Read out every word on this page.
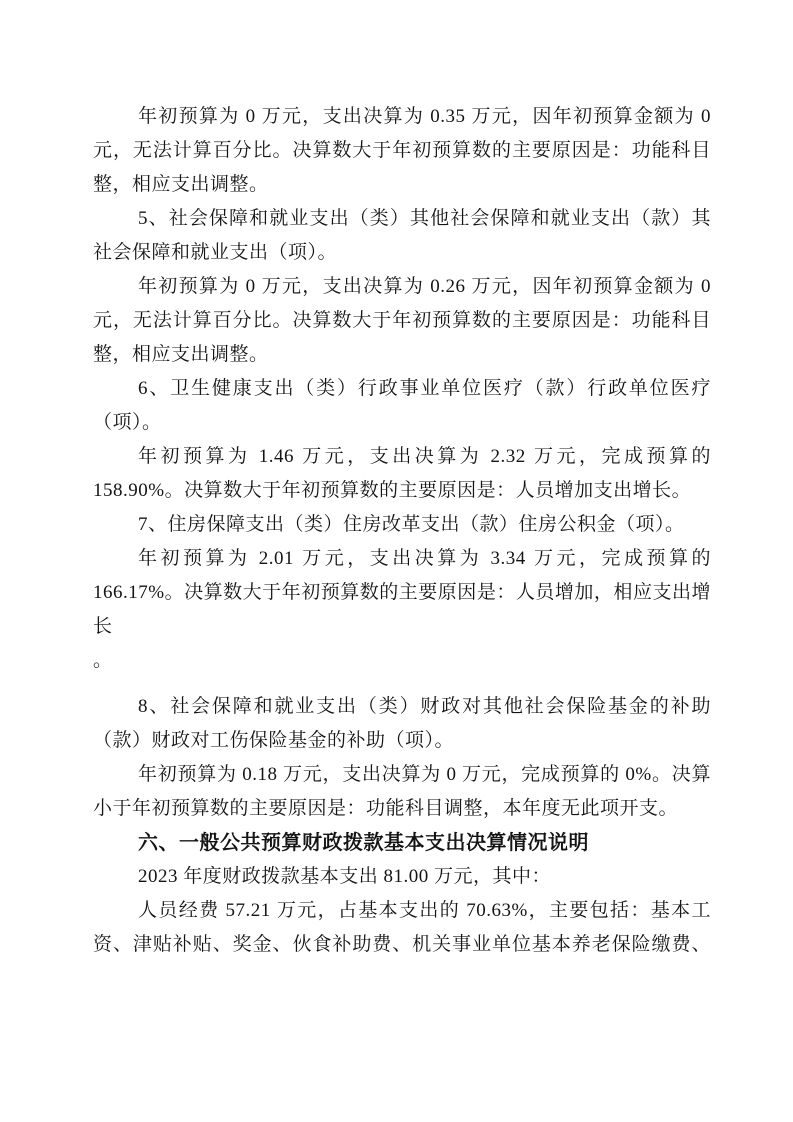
年初预算为 0 万元，支出决算为 0.35 万元，因年初预算金额为 0
元，无法计算百分比。决算数大于年初预算数的主要原因是：功能科目
整，相应支出调整。
5、社会保障和就业支出（类）其他社会保障和就业支出（款）其
社会保障和就业支出（项）。
年初预算为 0 万元，支出决算为 0.26 万元，因年初预算金额为 0
元，无法计算百分比。决算数大于年初预算数的主要原因是：功能科目
整，相应支出调整。
6、卫生健康支出（类）行政事业单位医疗（款）行政单位医疗
（项）。
年初预算为 1.46 万元，支出决算为 2.32 万元，完成预算的
158.90%。决算数大于年初预算数的主要原因是：人员增加支出增长。
7、住房保障支出（类）住房改革支出（款）住房公积金（项）。
年初预算为 2.01 万元，支出决算为 3.34 万元，完成预算的
166.17%。决算数大于年初预算数的主要原因是：人员增加，相应支出增
长
。
8、社会保障和就业支出（类）财政对其他社会保险基金的补助
（款）财政对工伤保险基金的补助（项）。
年初预算为 0.18 万元，支出决算为 0 万元，完成预算的 0%。决算
小于年初预算数的主要原因是：功能科目调整，本年度无此项开支。
六、一般公共预算财政拨款基本支出决算情况说明
2023 年度财政拨款基本支出 81.00 万元，其中：
人员经费 57.21 万元，占基本支出的 70.63%，主要包括：基本工
资、津贴补贴、奖金、伙食补助费、机关事业单位基本养老保险缴费、
